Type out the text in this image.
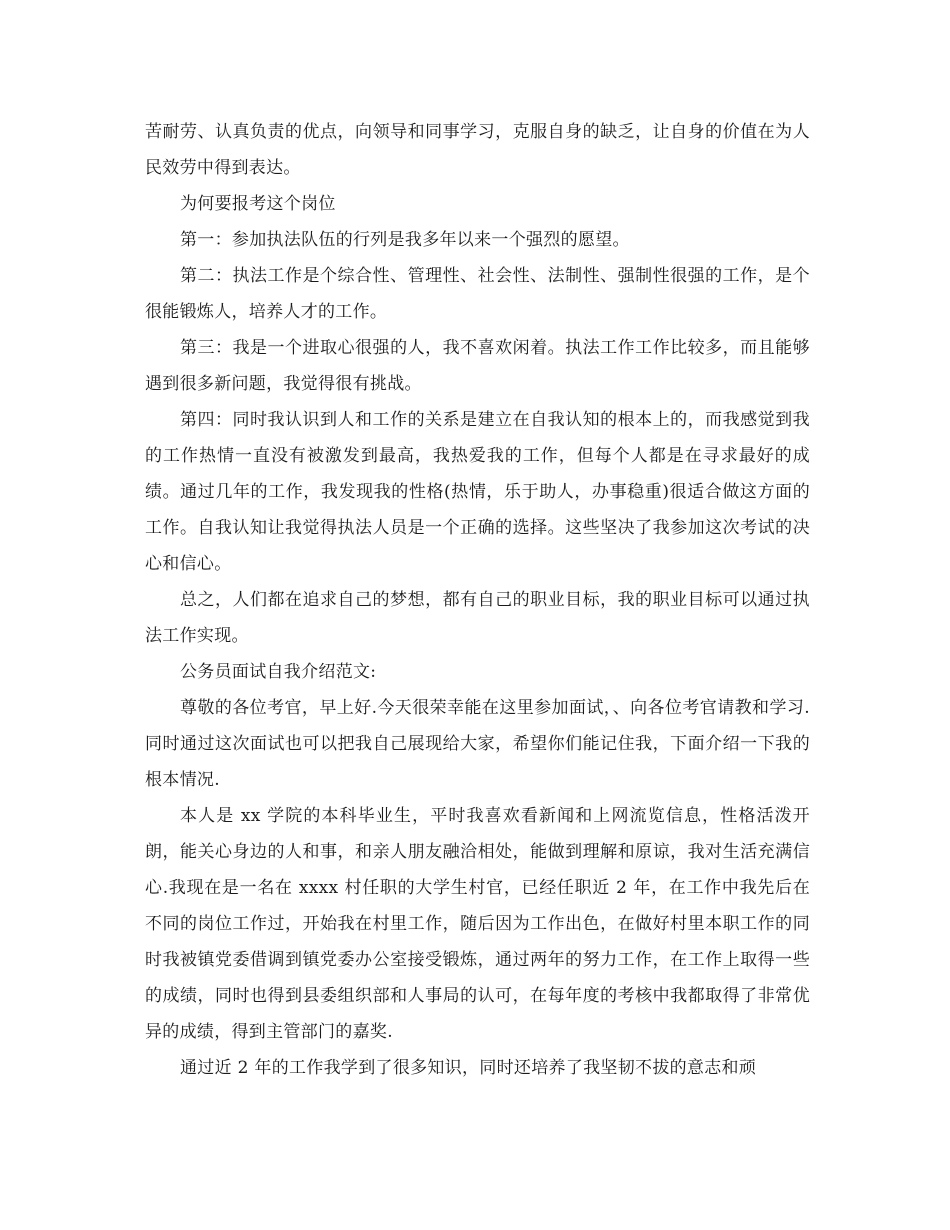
苦耐劳、认真负责的优点，向领导和同事学习，克服自身的缺乏，让自身的价值在为人民效劳中得到表达。

为何要报考这个岗位

第一：参加执法队伍的行列是我多年以来一个强烈的愿望。

第二：执法工作是个综合性、管理性、社会性、法制性、强制性很强的工作，是个很能锻炼人，培养人才的工作。

第三：我是一个进取心很强的人，我不喜欢闲着。执法工作工作比较多，而且能够遇到很多新问题，我觉得很有挑战。

第四：同时我认识到人和工作的关系是建立在自我认知的根本上的，而我感觉到我的工作热情一直没有被激发到最高，我热爱我的工作，但每个人都是在寻求最好的成绩。通过几年的工作，我发现我的性格(热情，乐于助人，办事稳重)很适合做这方面的工作。自我认知让我觉得执法人员是一个正确的选择。这些坚决了我参加这次考试的决心和信心。

总之，人们都在追求自己的梦想，都有自己的职业目标，我的职业目标可以通过执法工作实现。

公务员面试自我介绍范文:

尊敬的各位考官，早上好.今天很荣幸能在这里参加面试，、向各位考官请教和学习.同时通过这次面试也可以把我自己展现给大家，希望你们能记住我，下面介绍一下我的根本情况.

本人是 xx 学院的本科毕业生，平时我喜欢看新闻和上网流览信息，性格活泼开朗，能关心身边的人和事，和亲人朋友融洽相处，能做到理解和原谅，我对生活充满信心.我现在是一名在 xxxx 村任职的大学生村官，已经任职近 2 年，在工作中我先后在不同的岗位工作过，开始我在村里工作，随后因为工作出色，在做好村里本职工作的同时我被镇党委借调到镇党委办公室接受锻炼，通过两年的努力工作，在工作上取得一些的成绩，同时也得到县委组织部和人事局的认可，在每年度的考核中我都取得了非常优异的成绩，得到主管部门的嘉奖.

通过近 2 年的工作我学到了很多知识，同时还培养了我坚韧不拔的意志和顽
